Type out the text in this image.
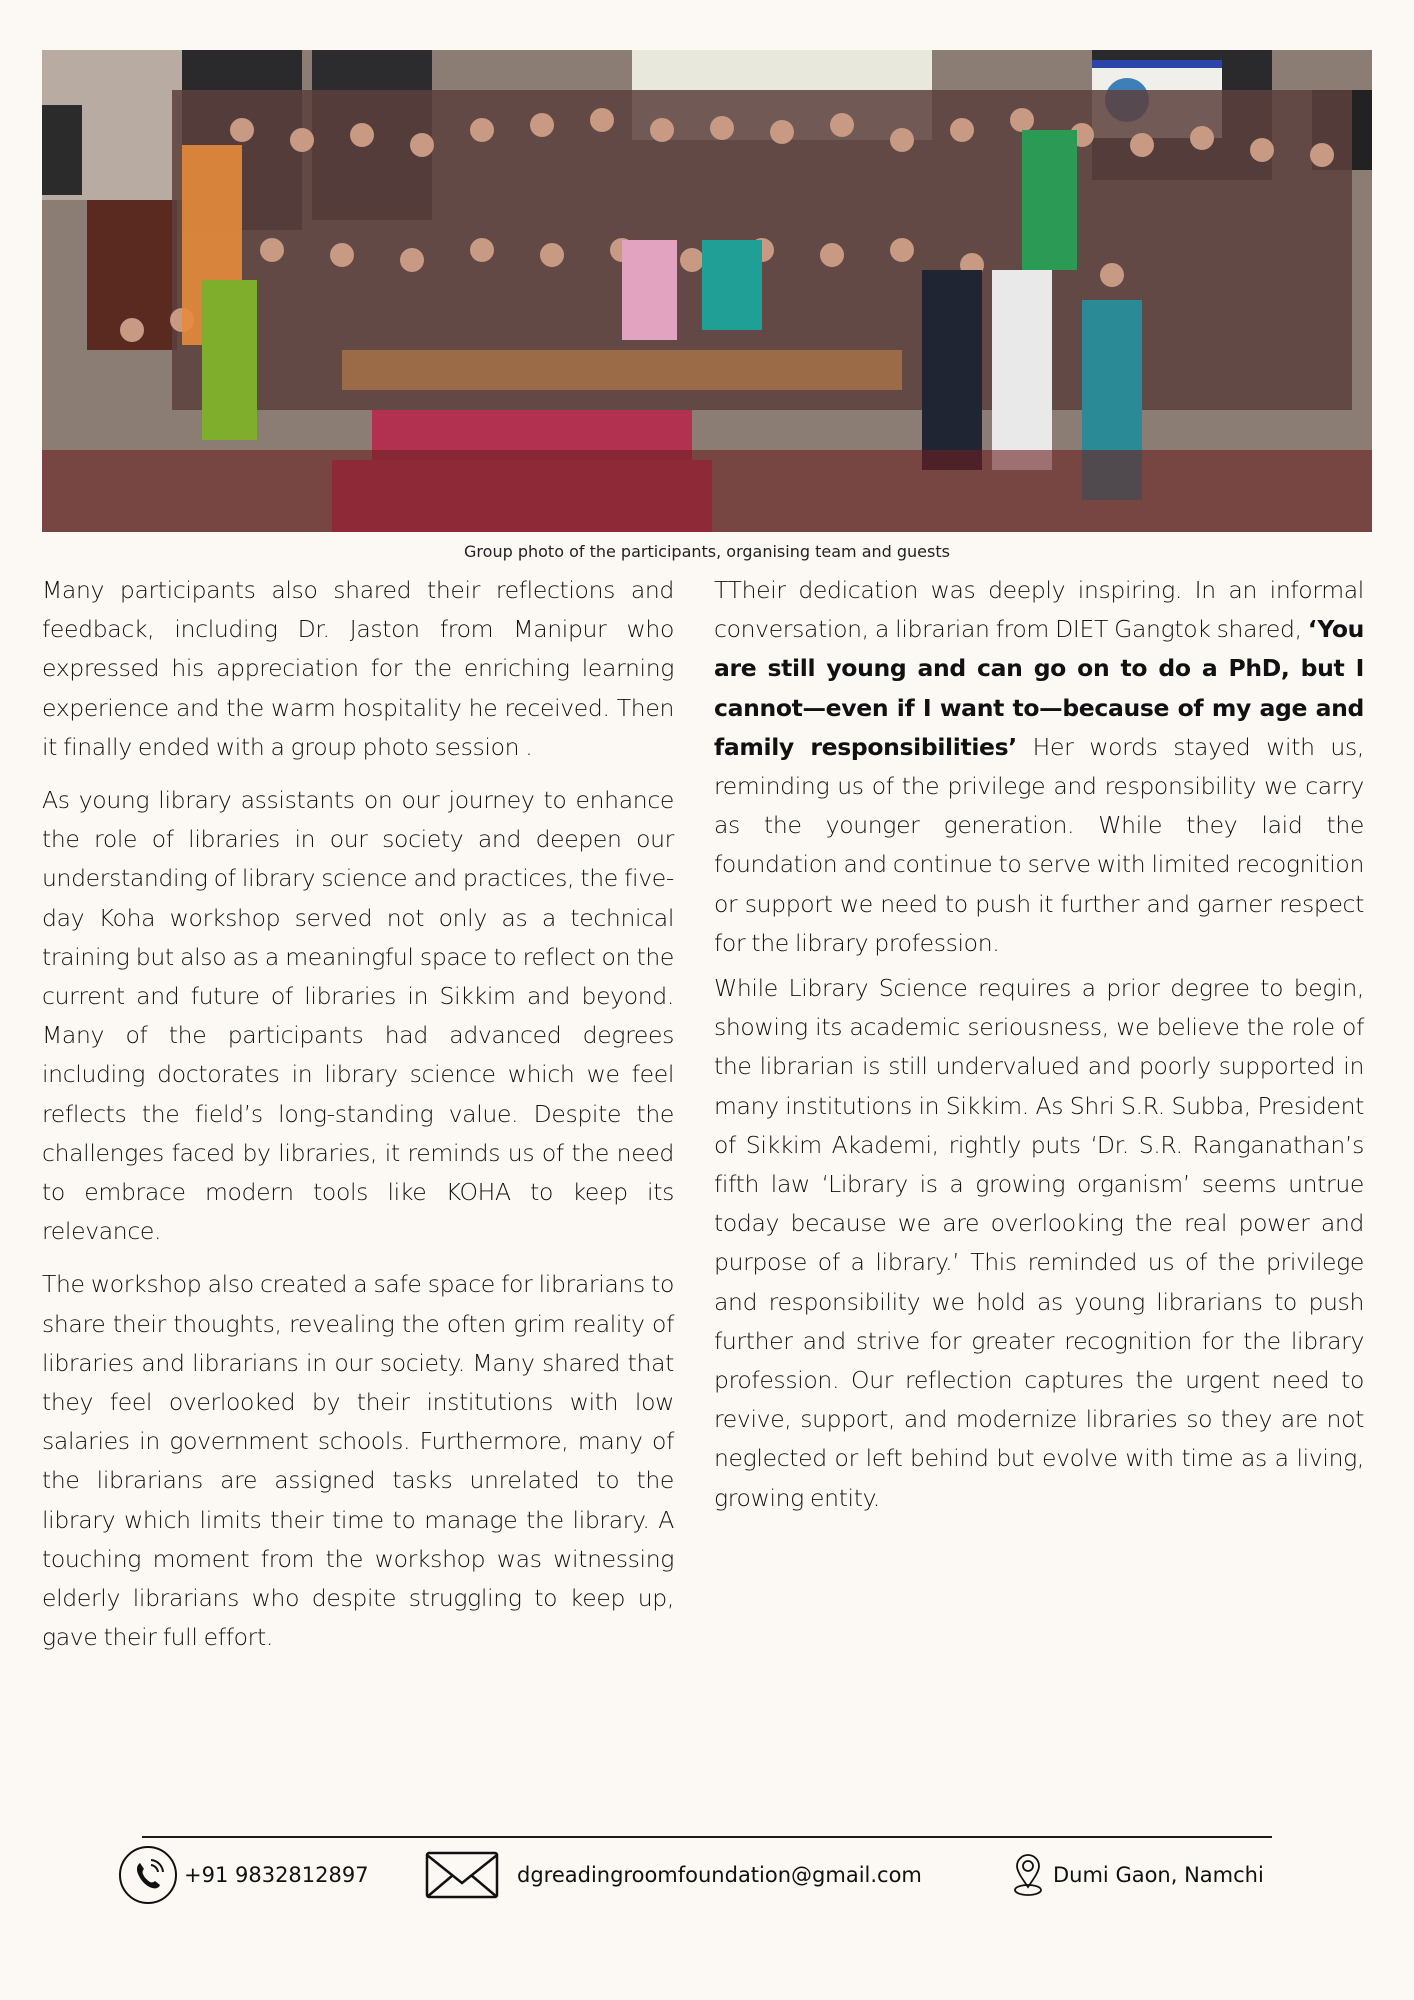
Group photo of the participants, organising team and guests

Many participants also shared their reflections and feedback, including Dr. Jaston from Manipur who expressed his appreciation for the enriching learning experience and the warm hospitality he received. Then it finally ended with a group photo session .

As young library assistants on our journey to enhance the role of libraries in our society and deepen our understanding of library science and practices, the five-day Koha workshop served not only as a technical training but also as a meaningful space to reflect on the current and future of libraries in Sikkim and beyond. Many of the participants had advanced degrees including doctorates in library science which we feel reflects the field’s long-standing value. Despite the challenges faced by libraries, it reminds us of the need to embrace modern tools like KOHA to keep its relevance.

The workshop also created a safe space for librarians to share their thoughts, revealing the often grim reality of libraries and librarians in our society. Many shared that they feel overlooked by their institutions with low salaries in government schools. Furthermore, many of the librarians are assigned tasks unrelated to the library which limits their time to manage the library. A touching moment from the workshop was witnessing elderly librarians who despite struggling to keep up, gave their full effort.

TTheir dedication was deeply inspiring. In an informal conversation, a librarian from DIET Gangtok shared, ‘You are still young and can go on to do a PhD, but I cannot—even if I want to—because of my age and family responsibilities’ Her words stayed with us, reminding us of the privilege and responsibility we carry as the younger generation. While they laid the foundation and continue to serve with limited recognition or support we need to push it further and garner respect for the library profession.

While Library Science requires a prior degree to begin, showing its academic seriousness, we believe the role of the librarian is still undervalued and poorly supported in many institutions in Sikkim. As Shri S.R. Subba, President of Sikkim Akademi, rightly puts ‘Dr. S.R. Ranganathan’s fifth law ‘Library is a growing organism’ seems untrue today because we are overlooking the real power and purpose of a library.’ This reminded us of the privilege and responsibility we hold as young librarians to push further and strive for greater recognition for the library profession. Our reflection captures the urgent need to revive, support, and modernize libraries so they are not neglected or left behind but evolve with time as a living, growing entity.

+91 9832812897	dgreadingroomfoundation@gmail.com	Dumi Gaon, Namchi
